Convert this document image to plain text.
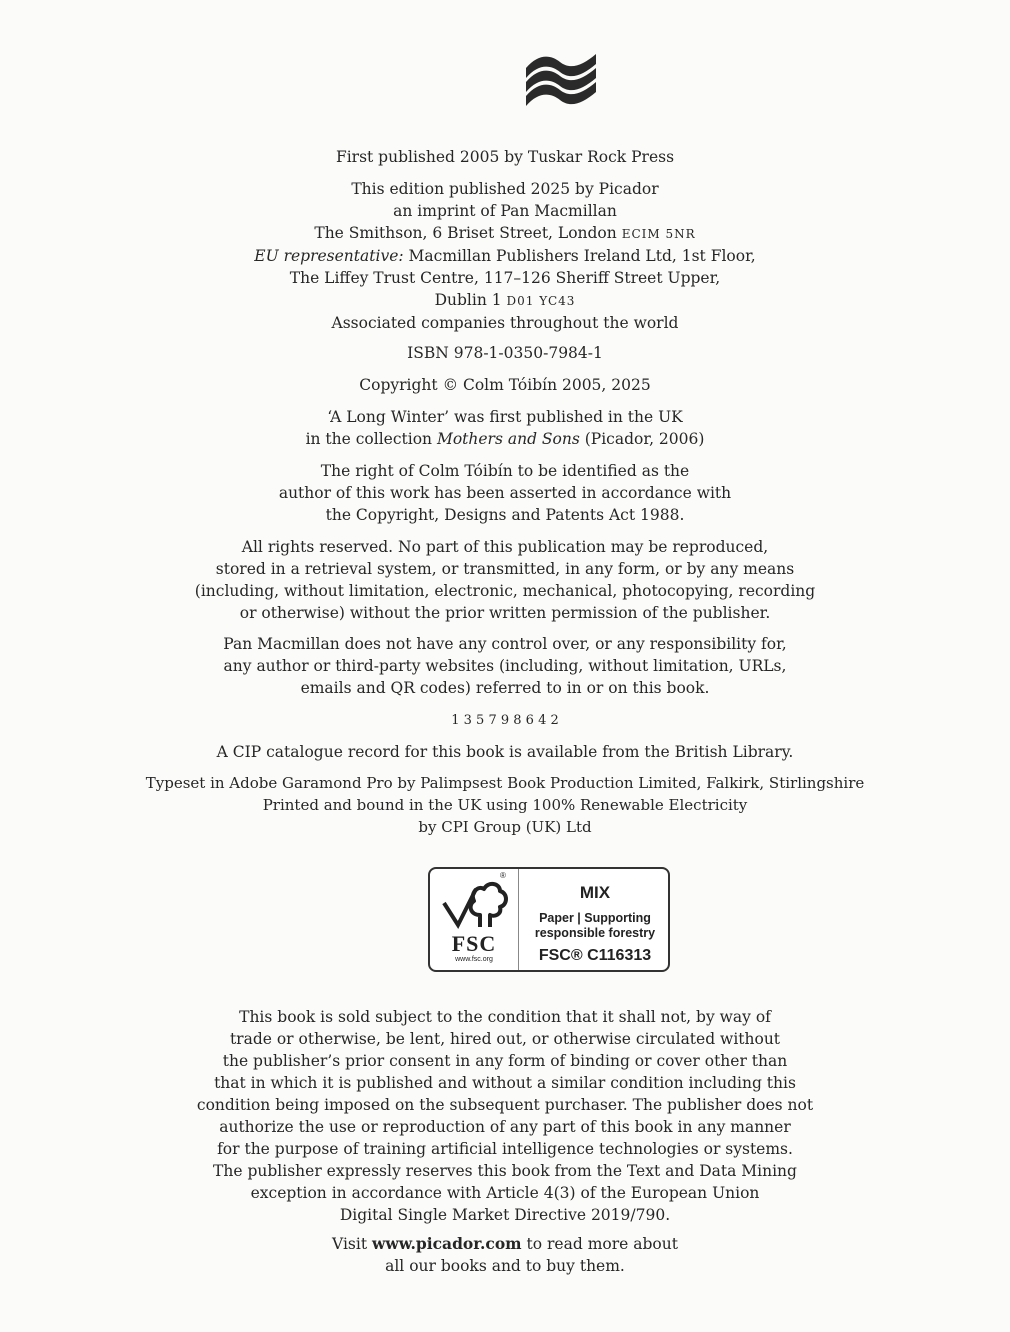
First published 2005 by Tuskar Rock Press
This edition published 2025 by Picador
an imprint of Pan Macmillan
The Smithson, 6 Briset Street, London ECIM 5NR
EU representative: Macmillan Publishers Ireland Ltd, 1st Floor,
The Liffey Trust Centre, 117–126 Sheriff Street Upper,
Dublin 1 D01 YC43
Associated companies throughout the world
ISBN 978-1-0350-7984-1
Copyright © Colm Tóibín 2005, 2025
‘A Long Winter’ was first published in the UK
in the collection Mothers and Sons (Picador, 2006)
The right of Colm Tóibín to be identified as the
author of this work has been asserted in accordance with
the Copyright, Designs and Patents Act 1988.
All rights reserved. No part of this publication may be reproduced,
stored in a retrieval system, or transmitted, in any form, or by any means
(including, without limitation, electronic, mechanical, photocopying, recording
or otherwise) without the prior written permission of the publisher.
Pan Macmillan does not have any control over, or any responsibility for,
any author or third-party websites (including, without limitation, URLs,
emails and QR codes) referred to in or on this book.
1 3 5 7 9 8 6 4 2
A CIP catalogue record for this book is available from the British Library.
Typeset in Adobe Garamond Pro by Palimpsest Book Production Limited, Falkirk, Stirlingshire
Printed and bound in the UK using 100% Renewable Electricity
by CPI Group (UK) Ltd
®
FSC
www.fsc.org
MIX
Paper | Supporting
responsible forestry
FSC® C116313
This book is sold subject to the condition that it shall not, by way of
trade or otherwise, be lent, hired out, or otherwise circulated without
the publisher’s prior consent in any form of binding or cover other than
that in which it is published and without a similar condition including this
condition being imposed on the subsequent purchaser. The publisher does not
authorize the use or reproduction of any part of this book in any manner
for the purpose of training artificial intelligence technologies or systems.
The publisher expressly reserves this book from the Text and Data Mining
exception in accordance with Article 4(3) of the European Union
Digital Single Market Directive 2019/790.
Visit www.picador.com to read more about
all our books and to buy them.
